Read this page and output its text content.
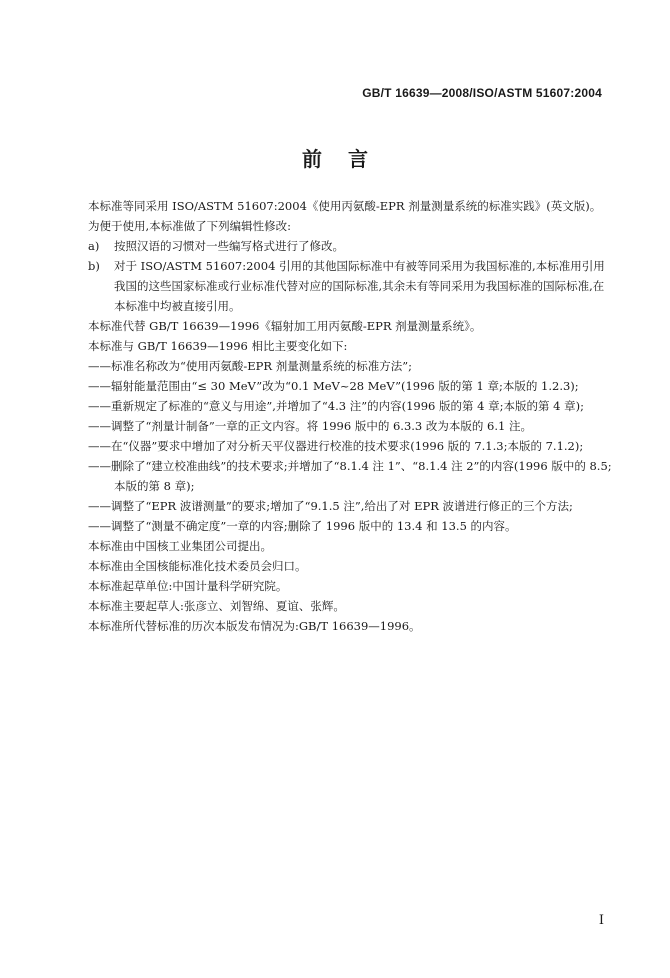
GB/T 16639—2008/ISO/ASTM 51607:2004
前言

本标准等同采用 ISO/ASTM 51607:2004《使用丙氨酸-EPR 剂量测量系统的标准实践》(英文版)。

为便于使用,本标准做了下列编辑性修改:

a) 按照汉语的习惯对一些编写格式进行了修改。

b) 对于 ISO/ASTM 51607:2004 引用的其他国际标准中有被等同采用为我国标准的,本标准用引用我国的这些国家标准或行业标准代替对应的国际标准,其余未有等同采用为我国标准的国际标准,在本标准中均被直接引用。

本标准代替 GB/T 16639—1996《辐射加工用丙氨酸-EPR 剂量测量系统》。

本标准与 GB/T 16639—1996 相比主要变化如下:

——标准名称改为“使用丙氨酸-EPR 剂量测量系统的标准方法”;

——辐射能量范围由“≤ 30 MeV”改为“0.1 MeV~28 MeV”(1996 版的第 1 章;本版的 1.2.3);

——重新规定了标准的“意义与用途”,并增加了“4.3 注”的内容(1996 版的第 4 章;本版的第 4 章);

——调整了“剂量计制备”一章的正文内容。将 1996 版中的 6.3.3 改为本版的 6.1 注。

——在“仪器”要求中增加了对分析天平仪器进行校准的技术要求(1996 版的 7.1.3;本版的 7.1.2);

——删除了“建立校准曲线”的技术要求;并增加了“8.1.4 注 1”、“8.1.4 注 2”的内容(1996 版中的 8.5;本版的第 8 章);

——调整了“EPR 波谱测量”的要求;增加了“9.1.5 注”,给出了对 EPR 波谱进行修正的三个方法;

——调整了“测量不确定度”一章的内容;删除了 1996 版中的 13.4 和 13.5 的内容。

本标准由中国核工业集团公司提出。

本标准由全国核能标准化技术委员会归口。

本标准起草单位:中国计量科学研究院。

本标准主要起草人:张彦立、刘智绵、夏谊、张辉。

本标准所代替标准的历次本版发布情况为:GB/T 16639—1996。

I
